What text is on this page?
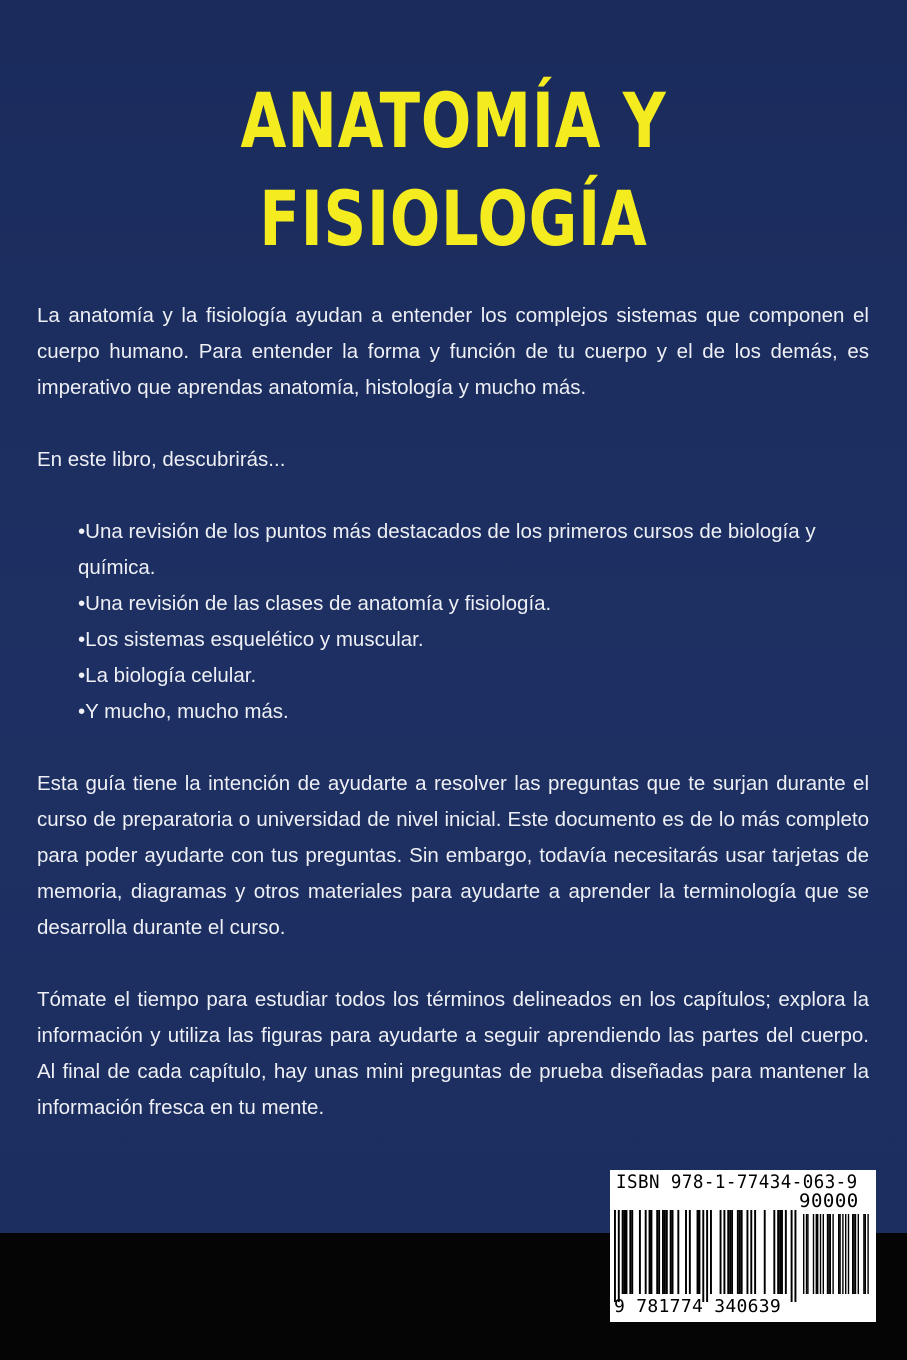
ANATOMÍA Y
FISIOLOGÍA

La anatomía y la fisiología ayudan a entender los complejos sistemas que componen el cuerpo humano. Para entender la forma y función de tu cuerpo y el de los demás, es imperativo que aprendas anatomía, histología y mucho más.

En este libro, descubrirás...

•Una revisión de los puntos más destacados de los primeros cursos de biología y química.
•Una revisión de las clases de anatomía y fisiología.
•Los sistemas esquelético y muscular.
•La biología celular.
•Y mucho, mucho más.

Esta guía tiene la intención de ayudarte a resolver las preguntas que te surjan durante el curso de preparatoria o universidad de nivel inicial. Este documento es de lo más completo para poder ayudarte con tus preguntas. Sin embargo, todavía necesitarás usar tarjetas de memoria, diagramas y otros materiales para ayudarte a aprender la terminología que se desarrolla durante el curso.

Tómate el tiempo para estudiar todos los términos delineados en los capítulos; explora la información y utiliza las figuras para ayudarte a seguir aprendiendo las partes del cuerpo. Al final de cada capítulo, hay unas mini preguntas de prueba diseñadas para mantener la información fresca en tu mente.

ISBN 978-1-77434-063-9
90000
9 781774 340639
